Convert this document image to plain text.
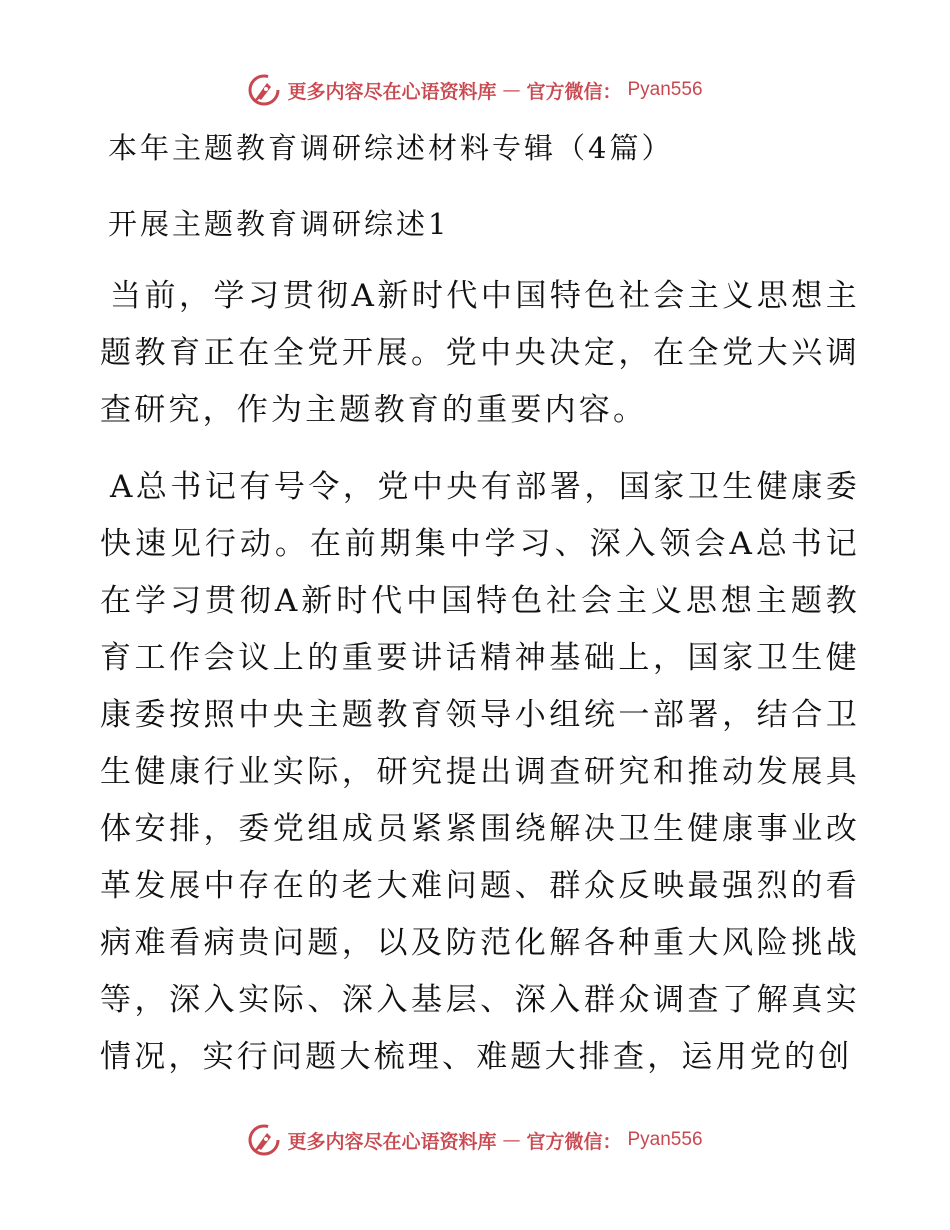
更多内容尽在心语资料库 — 官方微信： Pyan556
本年主题教育调研综述材料专辑（4篇）
开展主题教育调研综述1
当前，学习贯彻A新时代中国特色社会主义思想主题教育正在全党开展。党中央决定，在全党大兴调查研究，作为主题教育的重要内容。
A总书记有号令，党中央有部署，国家卫生健康委快速见行动。在前期集中学习、深入领会A总书记在学习贯彻A新时代中国特色社会主义思想主题教育工作会议上的重要讲话精神基础上，国家卫生健康委按照中央主题教育领导小组统一部署，结合卫生健康行业实际，研究提出调查研究和推动发展具体安排，委党组成员紧紧围绕解决卫生健康事业改革发展中存在的老大难问题、群众反映最强烈的看病难看病贵问题，以及防范化解各种重大风险挑战等，深入实际、深入基层、深入群众调查了解真实情况，实行问题大梳理、难题大排查，运用党的创
更多内容尽在心语资料库 — 官方微信： Pyan556
